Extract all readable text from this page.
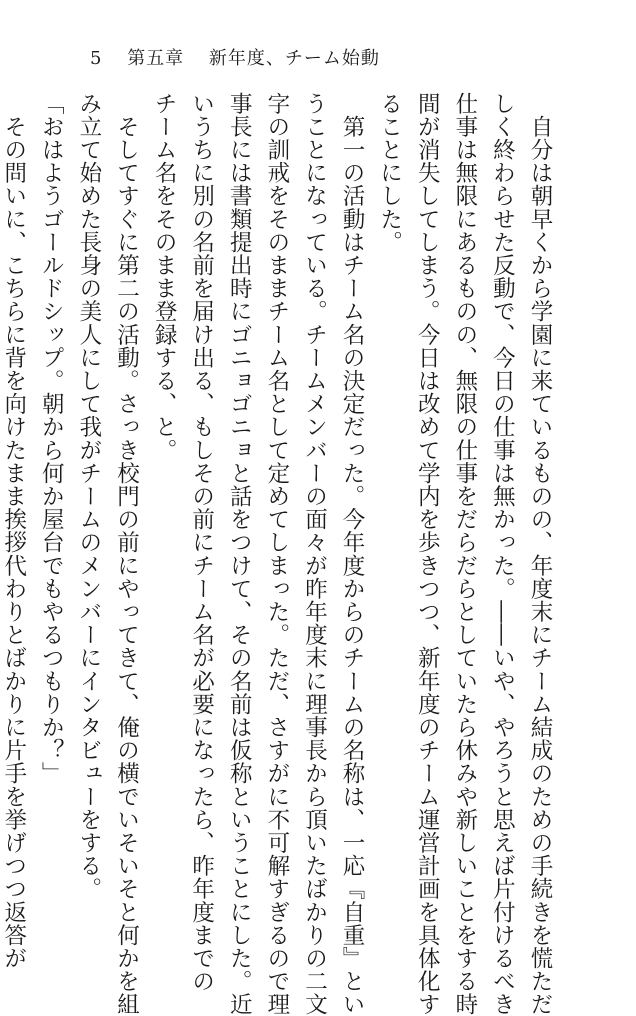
5 第五章 新年度、チーム始動
　自分は朝早くから学園に来ているものの、年度末にチーム結成のための手続きを慌ただ
しく終わらせた反動で、今日の仕事は無かった。――いや、やろうと思えば片付けるべき
仕事は無限にあるものの、無限の仕事をだらだらとしていたら休みや新しいことをする時
間が消失してしまう。今日は改めて学内を歩きつつ、新年度のチーム運営計画を具体化す
ることにした。
　第一の活動はチーム名の決定だった。今年度からのチームの名称は、一応『自重』とい
うことになっている。チームメンバーの面々が昨年度末に理事長から頂いたばかりの二文
字の訓戒をそのままチーム名として定めてしまった。ただ、さすがに不可解すぎるので理
事長には書類提出時にゴニョゴニョと話をつけて、その名前は仮称ということにした。近
いうちに別の名前を届け出る、もしその前にチーム名が必要になったら、昨年度までの
チーム名をそのまま登録する、と。
　そしてすぐに第二の活動。さっき校門の前にやってきて、俺の横でいそいそと何かを組
み立て始めた長身の美人にして我がチームのメンバーにインタビューをする。
「おはようゴールドシップ。朝から何か屋台でもやるつもりか？」
　その問いに、こちらに背を向けたまま挨拶代わりとばかりに片手を挙げつつ返答が
